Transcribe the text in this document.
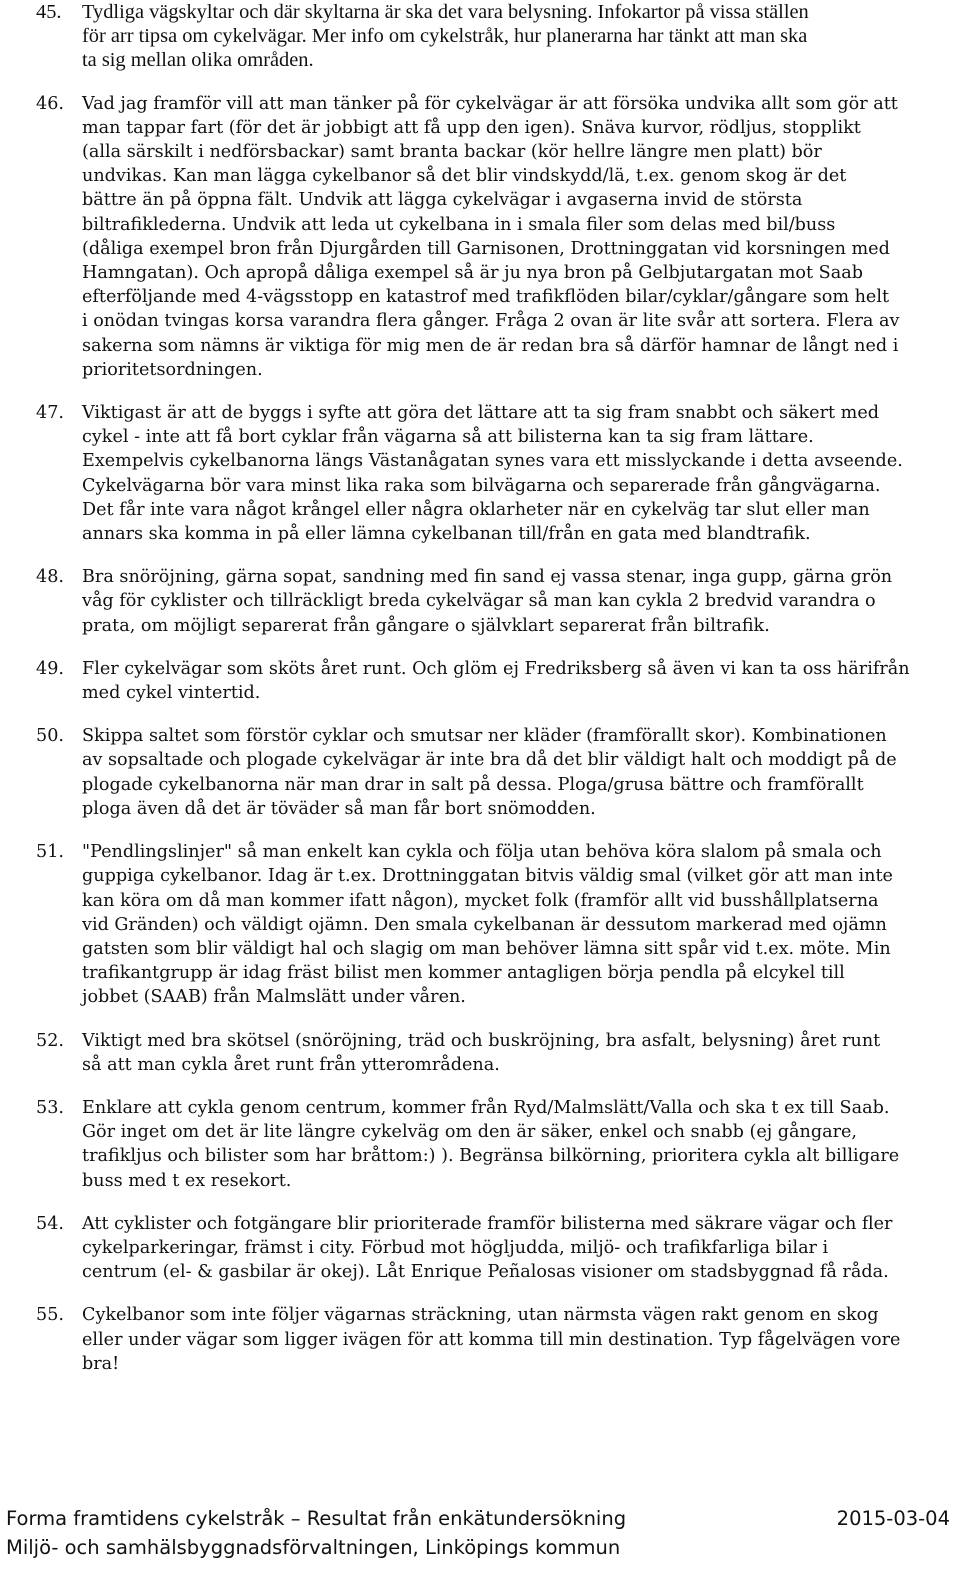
45.	Tydliga vägskyltar och där skyltarna är ska det vara belysning. Infokartor på vissa ställen
för arr tipsa om cykelvägar. Mer info om cykelstråk, hur planerarna har tänkt att man ska
ta sig mellan olika områden.
46.	Vad jag framför vill att man tänker på för cykelvägar är att försöka undvika allt som gör att
man tappar fart (för det är jobbigt att få upp den igen). Snäva kurvor, rödljus, stopplikt
(alla särskilt i nedförsbackar) samt branta backar (kör hellre längre men platt) bör
undvikas. Kan man lägga cykelbanor så det blir vindskydd/lä, t.ex. genom skog är det
bättre än på öppna fält. Undvik att lägga cykelvägar i avgaserna invid de största
biltrafiklederna. Undvik att leda ut cykelbana in i smala filer som delas med bil/buss
(dåliga exempel bron från Djurgården till Garnisonen, Drottninggatan vid korsningen med
Hamngatan). Och apropå dåliga exempel så är ju nya bron på Gelbjutargatan mot Saab
efterföljande med 4-vägsstopp en katastrof med trafikflöden bilar/cyklar/gångare som helt
i onödan tvingas korsa varandra flera gånger. Fråga 2 ovan är lite svår att sortera. Flera av
sakerna som nämns är viktiga för mig men de är redan bra så därför hamnar de långt ned i
prioritetsordningen.
47.	Viktigast är att de byggs i syfte att göra det lättare att ta sig fram snabbt och säkert med
cykel - inte att få bort cyklar från vägarna så att bilisterna kan ta sig fram lättare.
Exempelvis cykelbanorna längs Västanågatan synes vara ett misslyckande i detta avseende.
Cykelvägarna bör vara minst lika raka som bilvägarna och separerade från gångvägarna.
Det får inte vara något krångel eller några oklarheter när en cykelväg tar slut eller man
annars ska komma in på eller lämna cykelbanan till/från en gata med blandtrafik.
48.	Bra snöröjning, gärna sopat, sandning med fin sand ej vassa stenar, inga gupp, gärna grön
våg för cyklister och tillräckligt breda cykelvägar så man kan cykla 2 bredvid varandra o
prata, om möjligt separerat från gångare o självklart separerat från biltrafik.
49.	Fler cykelvägar som sköts året runt. Och glöm ej Fredriksberg så även vi kan ta oss härifrån
med cykel vintertid.
50.	Skippa saltet som förstör cyklar och smutsar ner kläder (framförallt skor). Kombinationen
av sopsaltade och plogade cykelvägar är inte bra då det blir väldigt halt och moddigt på de
plogade cykelbanorna när man drar in salt på dessa. Ploga/grusa bättre och framförallt
ploga även då det är töväder så man får bort snömodden.
51.	"Pendlingslinjer" så man enkelt kan cykla och följa utan behöva köra slalom på smala och
guppiga cykelbanor. Idag är t.ex. Drottninggatan bitvis väldig smal (vilket gör att man inte
kan köra om då man kommer ifatt någon), mycket folk (framför allt vid busshållplatserna
vid Gränden) och väldigt ojämn. Den smala cykelbanan är dessutom markerad med ojämn
gatsten som blir väldigt hal och slagig om man behöver lämna sitt spår vid t.ex. möte. Min
trafikantgrupp är idag fräst bilist men kommer antagligen börja pendla på elcykel till
jobbet (SAAB) från Malmslätt under våren.
52.	Viktigt med bra skötsel (snöröjning, träd och buskröjning, bra asfalt, belysning) året runt
så att man cykla året runt från ytterområdena.
53.	Enklare att cykla genom centrum, kommer från Ryd/Malmslätt/Valla och ska t ex till Saab.
Gör inget om det är lite längre cykelväg om den är säker, enkel och snabb (ej gångare,
trafikljus och bilister som har bråttom:) ). Begränsa bilkörning, prioritera cykla alt billigare
buss med t ex resekort.
54.	Att cyklister och fotgängare blir prioriterade framför bilisterna med säkrare vägar och fler
cykelparkeringar, främst i city. Förbud mot högljudda, miljö- och trafikfarliga bilar i
centrum (el- & gasbilar är okej). Låt Enrique Peñalosas visioner om stadsbyggnad få råda.
55.	Cykelbanor som inte följer vägarnas sträckning, utan närmsta vägen rakt genom en skog
eller under vägar som ligger ivägen för att komma till min destination. Typ fågelvägen vore
bra!
Forma framtidens cykelstråk – Resultat från enkätundersökning	2015-03-04
Miljö- och samhälsbyggnadsförvaltningen, Linköpings kommun
